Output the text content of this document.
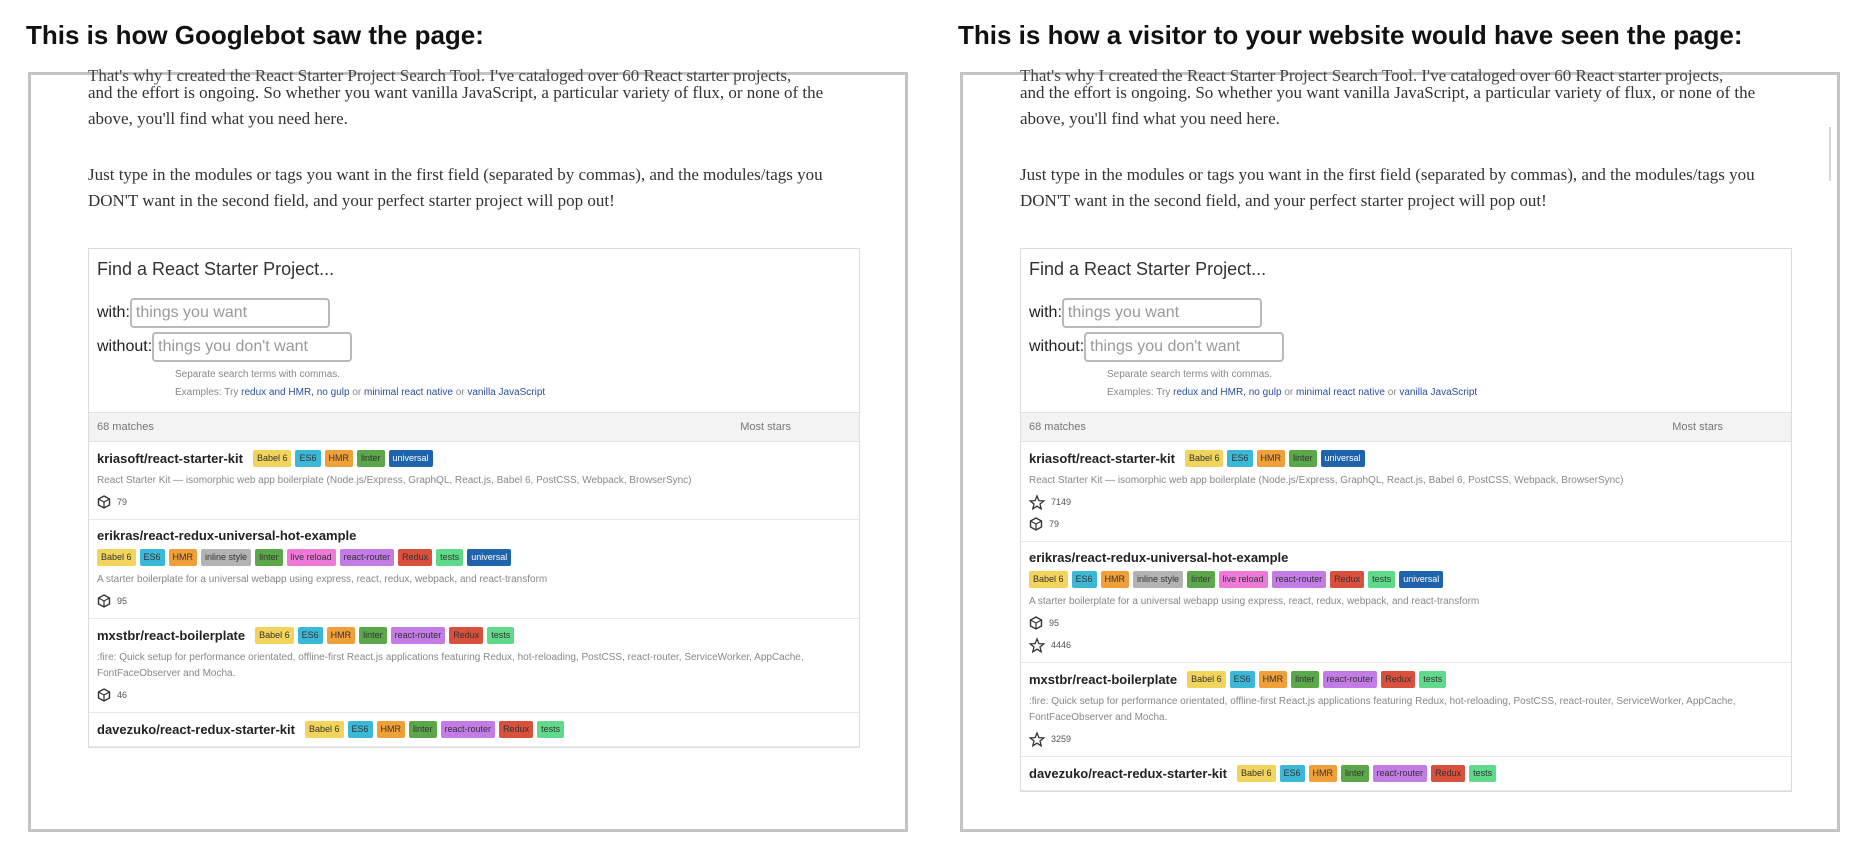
This is how Googlebot saw the page:	This is how a visitor to your website would have seen the page:
That's why I created the React Starter Project Search Tool. I've cataloged over 60 React starter projects,

and the effort is ongoing. So whether you want vanilla JavaScript, a particular variety of flux, or none of the above, you'll find what you need here.

Just type in the modules or tags you want in the first field (separated by commas), and the modules/tags you DON'T want in the second field, and your perfect starter project will pop out!

Find a React Starter Project...
with:
things you want
without:
things you don't want
Separate search terms with commas.
Examples: Try redux and HMR, no gulp or minimal react native or vanilla JavaScript
68 matches	Most stars
kriasoft/react-starter-kit	Babel 6	ES6	HMR	linter	universal
React Starter Kit — isomorphic web app boilerplate (Node.js/Express, GraphQL, React.js, Babel 6, PostCSS, Webpack, BrowserSync)
79
erikras/react-redux-universal-hot-example
Babel 6	ES6	HMR	inline style	linter	live reload	react-router	Redux	tests	universal
A starter boilerplate for a universal webapp using express, react, redux, webpack, and react-transform
95
mxstbr/react-boilerplate	Babel 6	ES6	HMR	linter	react-router	Redux	tests
:fire: Quick setup for performance orientated, offline-first React.js applications featuring Redux, hot-reloading, PostCSS, react-router, ServiceWorker, AppCache, FontFaceObserver and Mocha.
46
davezuko/react-redux-starter-kit	Babel 6	ES6	HMR	linter	react-router	Redux	tests
That's why I created the React Starter Project Search Tool. I've cataloged over 60 React starter projects,

and the effort is ongoing. So whether you want vanilla JavaScript, a particular variety of flux, or none of the above, you'll find what you need here.

Just type in the modules or tags you want in the first field (separated by commas), and the modules/tags you DON'T want in the second field, and your perfect starter project will pop out!

Find a React Starter Project...
with:
things you want
without:
things you don't want
Separate search terms with commas.
Examples: Try redux and HMR, no gulp or minimal react native or vanilla JavaScript
68 matches	Most stars
kriasoft/react-starter-kit	Babel 6	ES6	HMR	linter	universal
React Starter Kit — isomorphic web app boilerplate (Node.js/Express, GraphQL, React.js, Babel 6, PostCSS, Webpack, BrowserSync)
7149
79
erikras/react-redux-universal-hot-example
Babel 6	ES6	HMR	inline style	linter	live reload	react-router	Redux	tests	universal
A starter boilerplate for a universal webapp using express, react, redux, webpack, and react-transform
95
4446
mxstbr/react-boilerplate	Babel 6	ES6	HMR	linter	react-router	Redux	tests
:fire: Quick setup for performance orientated, offline-first React.js applications featuring Redux, hot-reloading, PostCSS, react-router, ServiceWorker, AppCache, FontFaceObserver and Mocha.
3259
davezuko/react-redux-starter-kit	Babel 6	ES6	HMR	linter	react-router	Redux	tests
